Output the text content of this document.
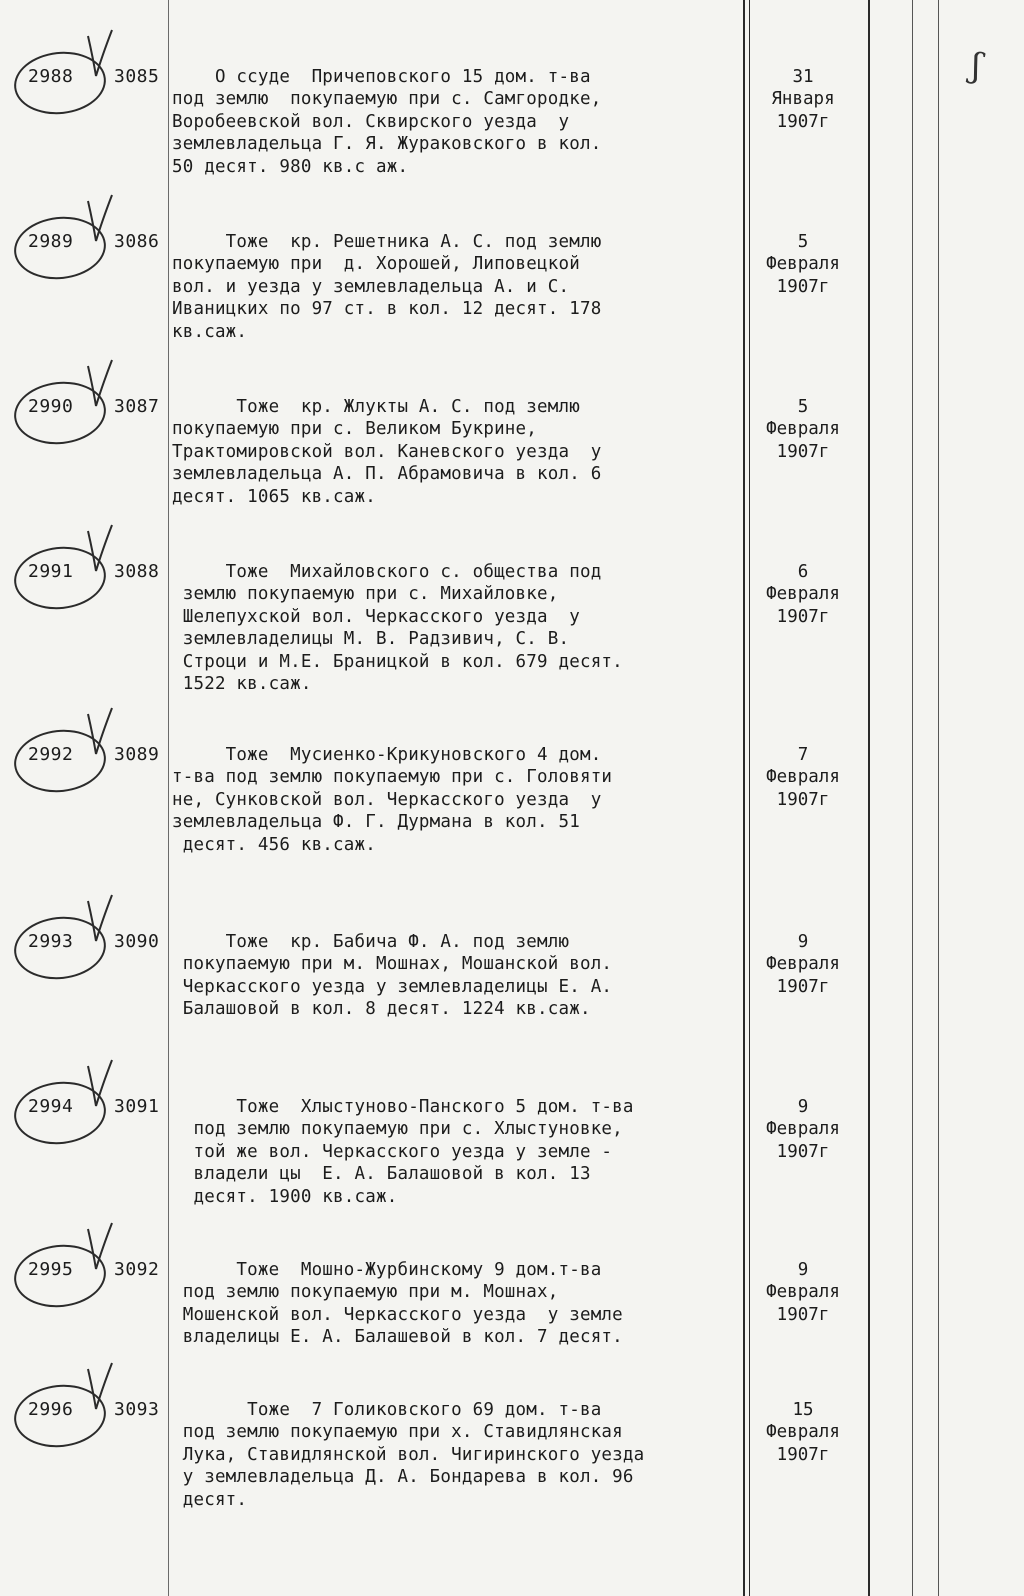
ʃ
2988 3085	О ссуде  Причеповского 15 дом. т-ва
под землю  покупаемую при с. Самгородке,
Воробеевской вол. Сквирского уезда  у
землевладельца Г. Я. Жураковского в кол.
50 десят. 980 кв.с аж.
31
Января
1907г
2989 3086	Тоже  кр. Решетника А. С. под землю
покупаемую при  д. Хорошей, Липовецкой
вол. и уезда у землевладельца А. и С.
Иваницких по 97 ст. в кол. 12 десят. 178
кв.саж.
5
Февраля
1907г
2990 3087	Тоже  кр. Жлукты А. С. под землю
покупаемую при с. Великом Букрине,
Трактомировской вол. Каневского уезда  у
землевладельца А. П. Абрамовича в кол. 6
десят. 1065 кв.саж.
5
Февраля
1907г
2991 3088	Тоже  Михайловского с. общества под
землю покупаемую при с. Михайловке,
Шелепухской вол. Черкасского уезда  у
землевладелицы М. В. Радзивич, С. В.
Строци и М.Е. Браницкой в кол. 679 десят.
1522 кв.саж.
6
Февраля
1907г
2992 3089	Тоже  Мусиенко-Крикуновского 4 дом.
т-ва под землю покупаемую при с. Головяти
не, Сунковской вол. Черкасского уезда  у
землевладельца Ф. Г. Дурмана в кол. 51
десят. 456 кв.саж.
7
Февраля
1907г
2993 3090	Тоже  кр. Бабича Ф. А. под землю
покупаемую при м. Мошнах, Мошанской вол.
Черкасского уезда у землевладелицы Е. А.
Балашовой в кол. 8 десят. 1224 кв.саж.
9
Февраля
1907г
2994 3091	Тоже  Хлыстуново-Панского 5 дом. т-ва
под землю покупаемую при с. Хлыстуновке,
той же вол. Черкасского уезда у земле -
владели цы  Е. А. Балашовой в кол. 13
десят. 1900 кв.саж.
9
Февраля
1907г
2995 3092	Тоже  Мошно-Журбинскому 9 дом.т-ва
под землю покупаемую при м. Мошнах,
Мошенской вол. Черкасского уезда  у земле
владелицы Е. А. Балашевой в кол. 7 десят.
9
Февраля
1907г
2996 3093	Тоже  7 Голиковского 69 дом. т-ва
под землю покупаемую при х. Ставидлянская
Лука, Ставидлянской вол. Чигиринского уезда
у землевладельца Д. А. Бондарева в кол. 96
десят.
15
Февраля
1907г
